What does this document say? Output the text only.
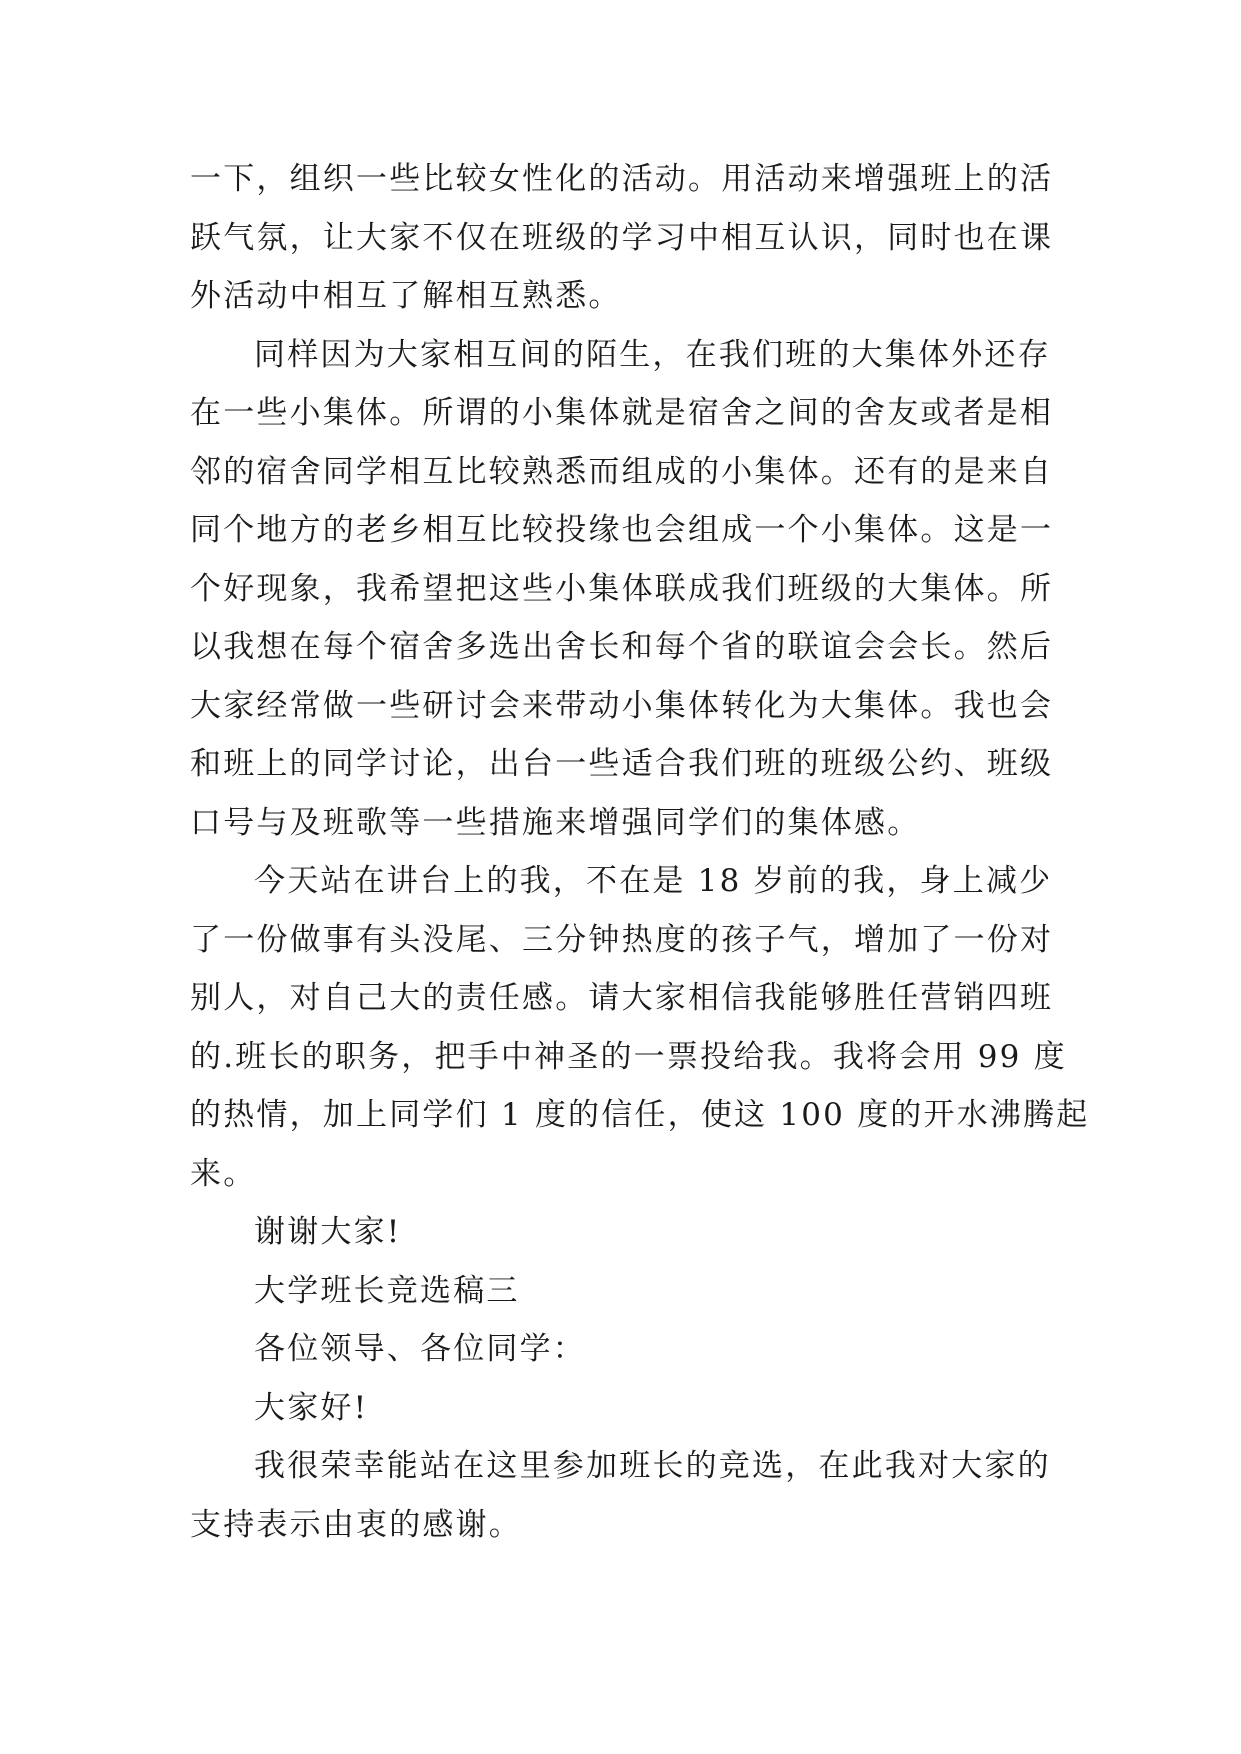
一下，组织一些比较女性化的活动。用活动来增强班上的活
跃气氛，让大家不仅在班级的学习中相互认识，同时也在课
外活动中相互了解相互熟悉。
同样因为大家相互间的陌生，在我们班的大集体外还存
在一些小集体。所谓的小集体就是宿舍之间的舍友或者是相
邻的宿舍同学相互比较熟悉而组成的小集体。还有的是来自
同个地方的老乡相互比较投缘也会组成一个小集体。这是一
个好现象，我希望把这些小集体联成我们班级的大集体。所
以我想在每个宿舍多选出舍长和每个省的联谊会会长。然后
大家经常做一些研讨会来带动小集体转化为大集体。我也会
和班上的同学讨论，出台一些适合我们班的班级公约、班级
口号与及班歌等一些措施来增强同学们的集体感。
今天站在讲台上的我，不在是 18 岁前的我，身上减少
了一份做事有头没尾、三分钟热度的孩子气，增加了一份对
别人，对自己大的责任感。请大家相信我能够胜任营销四班
的.班长的职务，把手中神圣的一票投给我。我将会用 99 度
的热情，加上同学们 1 度的信任，使这 100 度的开水沸腾起
来。
谢谢大家!
大学班长竞选稿三
各位领导、各位同学：
大家好!
我很荣幸能站在这里参加班长的竞选，在此我对大家的
支持表示由衷的感谢。
